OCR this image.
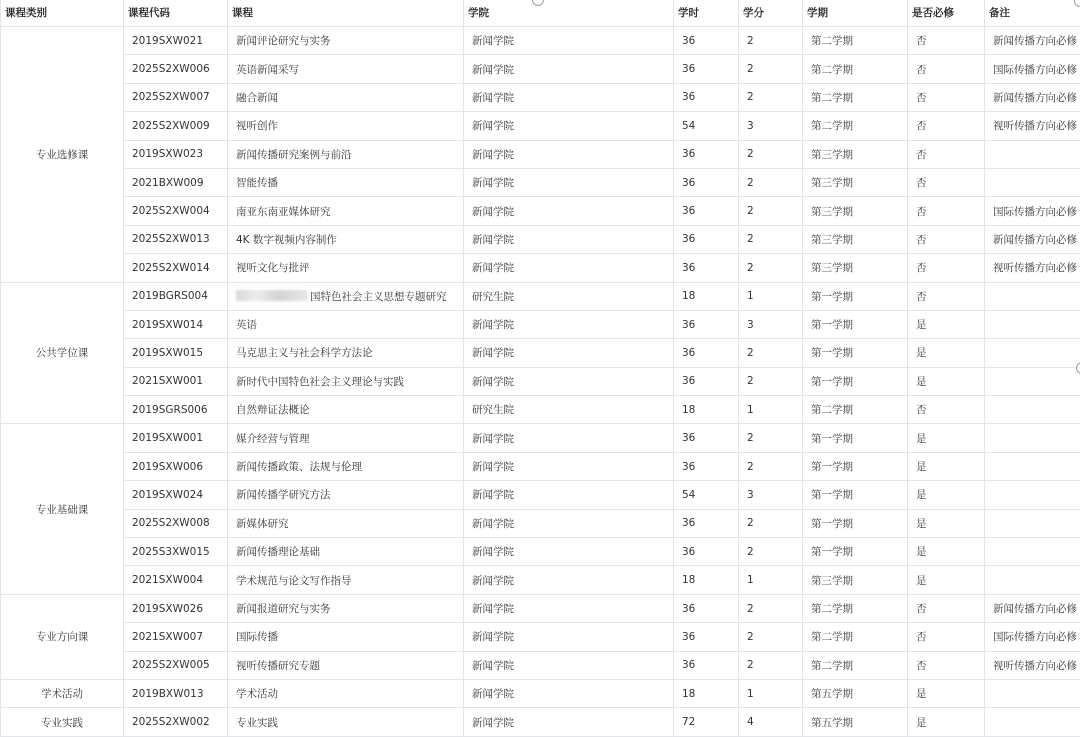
课程类别	课程代码	课程	学院	学时	学分	学期	是否必修	备注
专业选修课	2019SXW021	新闻评论研究与实务	新闻学院	36	2	第二学期	否	新闻传播方向必修
	2025S2XW006	英语新闻采写	新闻学院	36	2	第二学期	否	国际传播方向必修
	2025S2XW007	融合新闻	新闻学院	36	2	第二学期	否	新闻传播方向必修
	2025S2XW009	视听创作	新闻学院	54	3	第二学期	否	视听传播方向必修
	2019SXW023	新闻传播研究案例与前沿	新闻学院	36	2	第三学期	否	
	2021BXW009	智能传播	新闻学院	36	2	第三学期	否	
	2025S2XW004	南亚东南亚媒体研究	新闻学院	36	2	第三学期	否	国际传播方向必修
	2025S2XW013	4K 数字视频内容制作	新闻学院	36	2	第三学期	否	新闻传播方向必修
	2025S2XW014	视听文化与批评	新闻学院	36	2	第三学期	否	视听传播方向必修
公共学位课	2019BGRS004	国特色社会主义思想专题研究	研究生院	18	1	第一学期	否	
	2019SXW014	英语	新闻学院	36	3	第一学期	是	
	2019SXW015	马克思主义与社会科学方法论	新闻学院	36	2	第一学期	是	
	2021SXW001	新时代中国特色社会主义理论与实践	新闻学院	36	2	第一学期	是	
	2019SGRS006	自然辩证法概论	研究生院	18	1	第二学期	否	
专业基础课	2019SXW001	媒介经营与管理	新闻学院	36	2	第一学期	是	
	2019SXW006	新闻传播政策、法规与伦理	新闻学院	36	2	第一学期	是	
	2019SXW024	新闻传播学研究方法	新闻学院	54	3	第一学期	是	
	2025S2XW008	新媒体研究	新闻学院	36	2	第一学期	是	
	2025S3XW015	新闻传播理论基础	新闻学院	36	2	第一学期	是	
	2021SXW004	学术规范与论文写作指导	新闻学院	18	1	第三学期	是	
专业方向课	2019SXW026	新闻报道研究与实务	新闻学院	36	2	第二学期	否	新闻传播方向必修
	2021SXW007	国际传播	新闻学院	36	2	第二学期	否	国际传播方向必修
	2025S2XW005	视听传播研究专题	新闻学院	36	2	第二学期	否	视听传播方向必修
学术活动	2019BXW013	学术活动	新闻学院	18	1	第五学期	是	
专业实践	2025S2XW002	专业实践	新闻学院	72	4	第五学期	是	
